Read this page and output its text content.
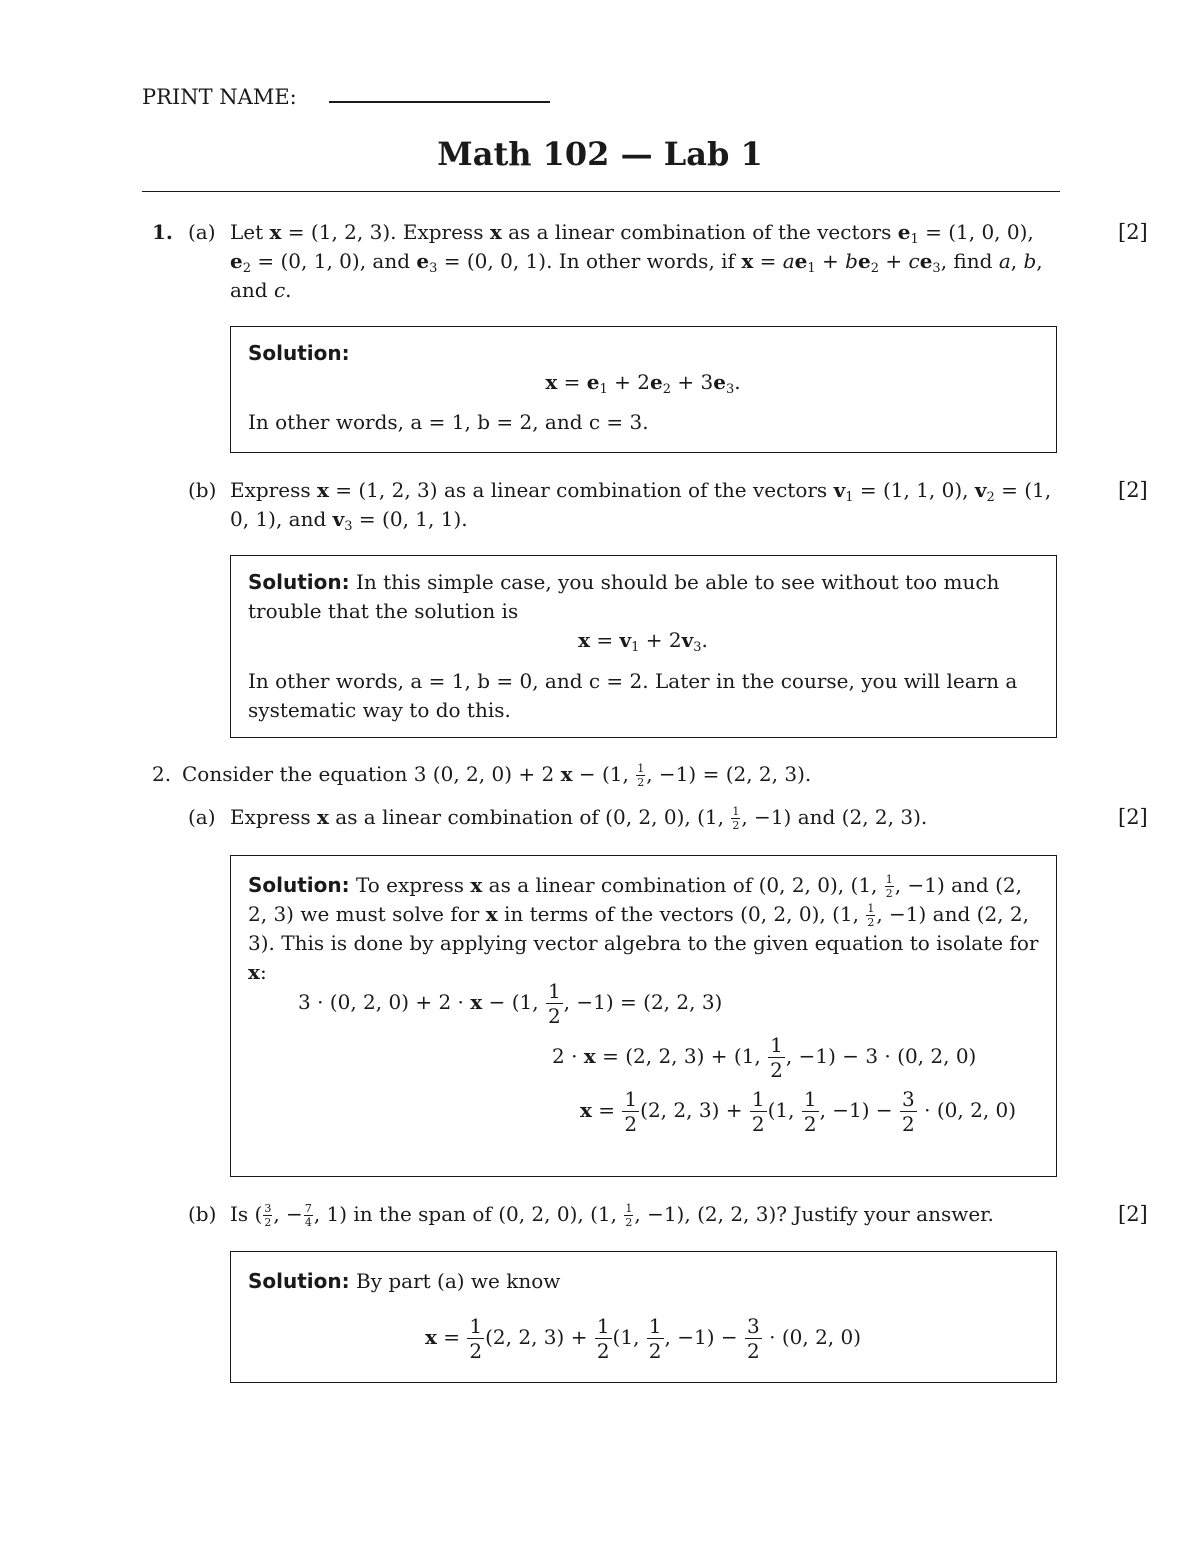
PRINT NAME:
Math 102 — Lab 1
1. (a) Let x = (1, 2, 3). Express x as a linear combination of the vectors $e_1 = (1$, 0, 0), $e_2 = (0$, 1, 0), and $e_3 = (0$, 0, 1). In other words, if $x = ae_1 + be_2 + ce_3$, find a, b, and c.
[2]
Solution:
$x = e_1 + 2e_2 + 3e_3$.
In other words, a = 1, b = 2, and c = 3.
(b) Express x = (1, 2, 3) as a linear combination of the vectors $v_1 = (1$, 1, 0), $v_2 = (1$, 0, 1), and $v_3 = (0$, 1, 1).
[2]
Solution: In this simple case, you should be able to see without too much trouble that the solution is
$x = v_1 + 2v_3$.
In other words, a = 1, b = 0, and c = 2. Later in the course, you will learn a systematic way to do this.
2. Consider the equation 3 (0, 2, 0) + 2 x − (1, $\frac{1}{2}$ , −1) = (2, 2, 3).
(a) Express x as a linear combination of (0, 2, 0), (1, $\frac{1}{2}$ , −1) and (2, 2, 3).	[2]
Solution: To express x as a linear combination of (0, 2, 0), (1, $\frac{1}{2}$ , −1) and (2, 2, 3) we must solve for x in terms of the vectors (0, 2, 0), (1, $\frac{1}{2}$ , −1) and (2, 2, 3). This is done by applying vector algebra to the given equation to isolate for x:
3 · (0, 2, 0) + 2 · x − (1, $\frac{1}{2}$ , −1) = (2, 2, 3)
2 · x = (2, 2, 3) + (1, $\frac{1}{2}$ , −1) − 3 · (0, 2, 0)
$x = \frac{1}{2} (2$, 2, $3) + \frac{1}{2} (1$, $\frac{1}{2}$ , $-1) - \frac{3}{2} \cdot (0$, 2, 0)
(b) Is ( $\frac{3}{2}$ , − $\frac{7}{4}$ , 1) in the span of (0, 2, 0), (1, $\frac{1}{2}$ , −1), (2, 2, 3)? Justify your answer.	[2]
Solution: By part (a) we know
$x = \frac{1}{2} (2$, 2, $3) + \frac{1}{2} (1$, $\frac{1}{2}$ , $-1) - \frac{3}{2} \cdot (0$, 2, 0)
